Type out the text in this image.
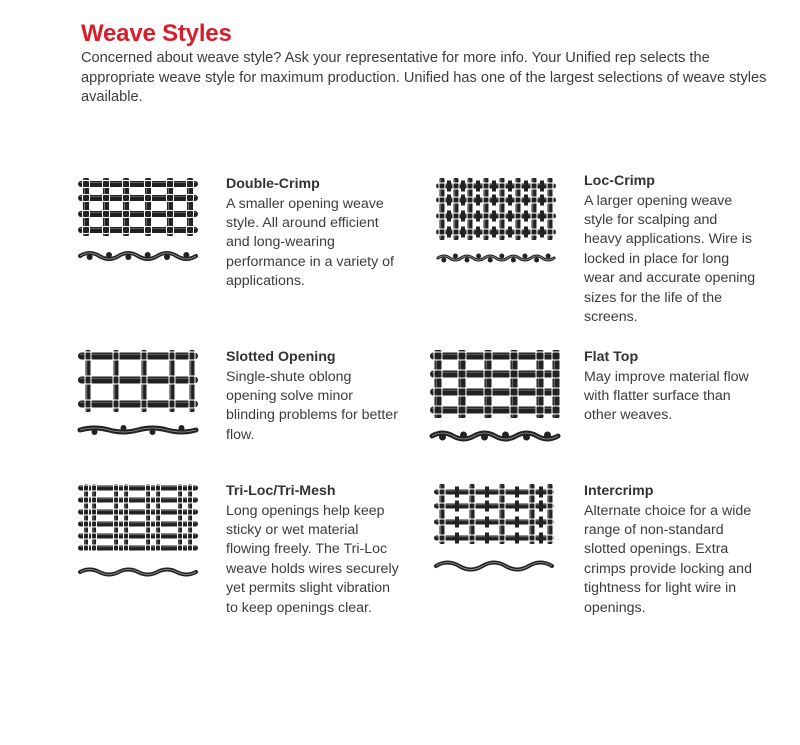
Weave Styles

Concerned about weave style? Ask your representative for more info. Your Unified rep selects the appropriate weave style for maximum production. Unified has one of the largest selections of weave styles available.

Double-Crimp

A smaller opening weave style. All around efficient and long-wearing performance in a variety of applications.

Loc-Crimp

A larger opening weave style for scalping and heavy applications. Wire is locked in place for long wear and accurate opening sizes for the life of the screens.

Slotted Opening

Single-shute oblong opening solve minor blinding problems for better flow.

Flat Top

May improve material flow with flatter surface than other weaves.

Tri-Loc/Tri-Mesh

Long openings help keep sticky or wet material flowing freely. The Tri-Loc weave holds wires securely yet permits slight vibration to keep openings clear.

Intercrimp

Alternate choice for a wide range of non-standard slotted openings. Extra crimps provide locking and tightness for light wire in openings.
